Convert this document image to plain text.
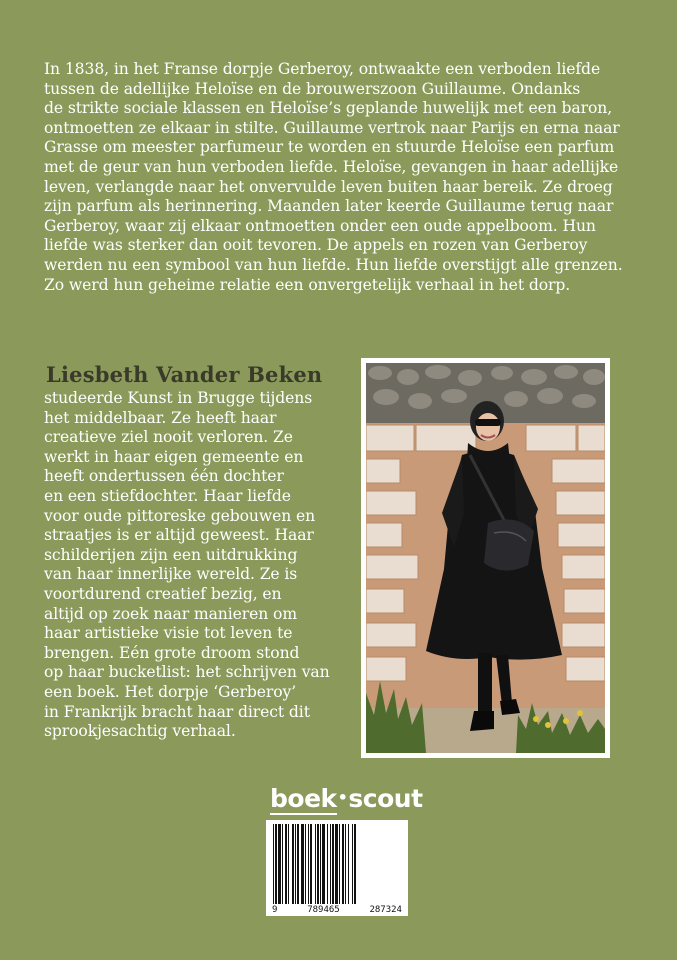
In 1838, in het Franse dorpje Gerberoy, ontwaakte een verboden liefde
tussen de adellijke Heloïse en de brouwerszoon Guillaume. Ondanks
de strikte sociale klassen en Heloïse’s geplande huwelijk met een baron,
ontmoetten ze elkaar in stilte. Guillaume vertrok naar Parijs en erna naar
Grasse om meester parfumeur te worden en stuurde Heloïse een parfum
met de geur van hun verboden liefde. Heloïse, gevangen in haar adellijke
leven, verlangde naar het onvervulde leven buiten haar bereik. Ze droeg
zijn parfum als herinnering. Maanden later keerde Guillaume terug naar
Gerberoy, waar zij elkaar ontmoetten onder een oude appelboom. Hun
liefde was sterker dan ooit tevoren. De appels en rozen van Gerberoy
werden nu een symbool van hun liefde. Hun liefde overstijgt alle grenzen.
Zo werd hun geheime relatie een onvergetelijk verhaal in het dorp.
Liesbeth Vander Beken
studeerde Kunst in Brugge tijdens
het middelbaar. Ze heeft haar
creatieve ziel nooit verloren. Ze
werkt in haar eigen gemeente en
heeft ondertussen één dochter
en een stiefdochter. Haar liefde
voor oude pittoreske gebouwen en
straatjes is er altijd geweest. Haar
schilderijen zijn een uitdrukking
van haar innerlijke wereld. Ze is
voortdurend creatief bezig, en
altijd op zoek naar manieren om
haar artistieke visie tot leven te
brengen. Eén grote droom stond
op haar bucketlist: het schrijven van
een boek. Het dorpje ‘Gerberoy’
in Frankrijk bracht haar direct dit
sprookjesachtig verhaal.
boek•scout
9	789465	287324
